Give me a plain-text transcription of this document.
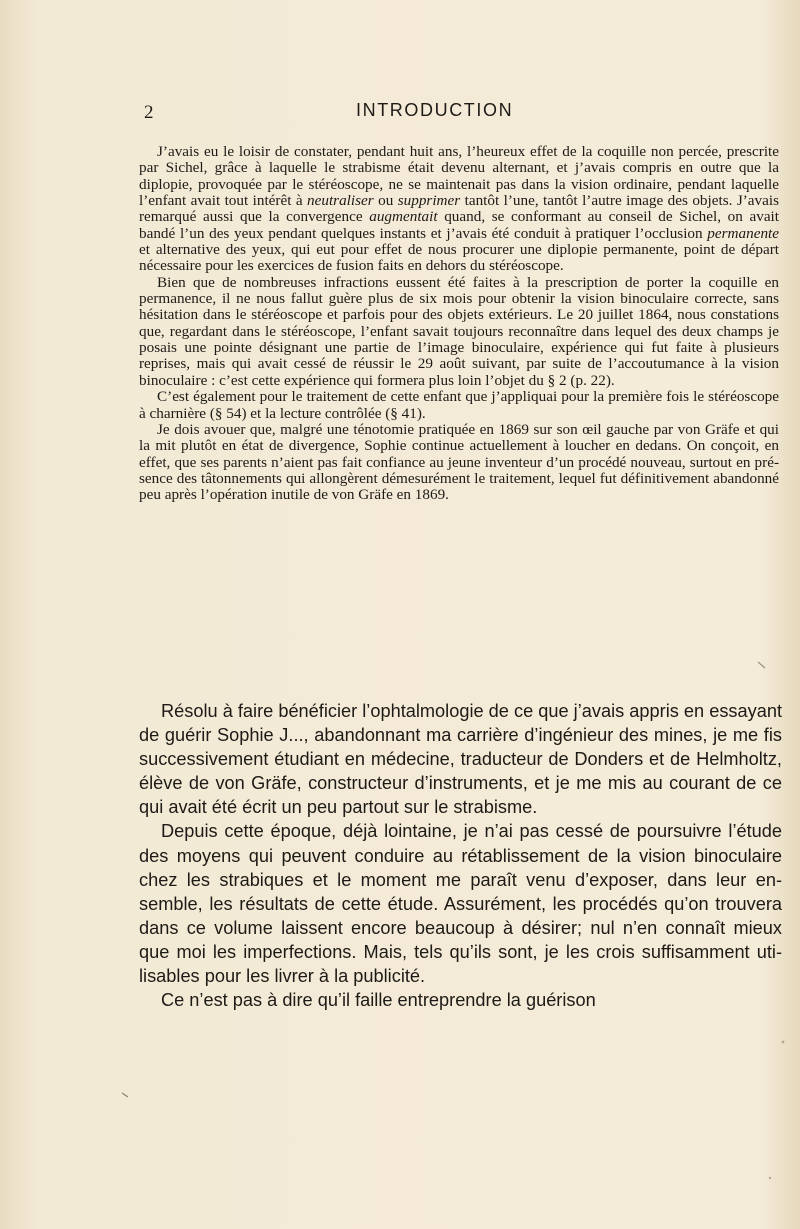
2	INTRODUCTION

J’avais eu le loisir de constater, pendant huit ans, l’heureux effet de la coquille non percée, prescrite par Sichel, grâce à laquelle le strabisme était devenu alternant, et j’avais compris en outre que la diplopie, provoquée par le stéréoscope, ne se maintenait pas dans la vision ordinaire, pendant laquelle l’enfant avait tout intérêt à neutraliser ou supprimer tantôt l’une, tantôt l’autre image des objets. J’avais remarqué aussi que la convergence augmentait quand, se conformant au conseil de Sichel, on avait bandé l’un des yeux pendant quelques instants et j’avais été conduit à pratiquer l’occlusion permanente et alternative des yeux, qui eut pour effet de nous procurer une diplopie permanente, point de départ nécessaire pour les exercices de fusion faits en dehors du stéréoscope.

Bien que de nombreuses infractions eussent été faites à la prescription de porter la coquille en permanence, il ne nous fallut guère plus de six mois pour obtenir la vision binoculaire correcte, sans hésitation dans le stéréoscope et parfois pour des objets extérieurs. Le 20 juillet 1864, nous constations que, regardant dans le stéréoscope, l’enfant savait toujours reconnaître dans lequel des deux champs je posais une pointe désignant une partie de l’image binoculaire, expérience qui fut faite à plusieurs reprises, mais qui avait cessé de réussir le 29 août suivant, par suite de l’accoutumance à la vision binoculaire : c’est cette expérience qui formera plus loin l’objet du § 2 (p. 22).

C’est également pour le traitement de cette enfant que j’appliquai pour la première fois le stéréoscope à charnière (§ 54) et la lecture contrôlée (§ 41).

Je dois avouer que, malgré une ténotomie pratiquée en 1869 sur son œil gauche par von Gräfe et qui la mit plutôt en état de divergence, Sophie continue actuellement à loucher en dedans. On conçoit, en effet, que ses parents n’aient pas fait confiance au jeune inventeur d’un procédé nouveau, surtout en présence des tâtonnements qui allongèrent démesurément le traitement, lequel fut définitivement abandonné peu après l’opération inutile de von Gräfe en 1869.

Résolu à faire bénéficier l’ophtalmologie de ce que j’avais appris en essayant de guérir Sophie J..., abandonnant ma carrière d’ingénieur des mines, je me fis successivement étudiant en médecine, traducteur de Donders et de Helmholtz, élève de von Gräfe, constructeur d’instruments, et je me mis au courant de ce qui avait été écrit un peu partout sur le strabisme.

Depuis cette époque, déjà lointaine, je n’ai pas cessé de poursuivre l’étude des moyens qui peuvent conduire au rétablissement de la vision binoculaire chez les strabiques et le moment me paraît venu d’exposer, dans leur ensemble, les résultats de cette étude. Assurément, les procédés qu’on trouvera dans ce volume laissent encore beaucoup à désirer; nul n’en connaît mieux que moi les imperfections. Mais, tels qu’ils sont, je les crois suffisamment utilisables pour les livrer à la publicité.

Ce n’est pas à dire qu’il faille entreprendre la guérison
